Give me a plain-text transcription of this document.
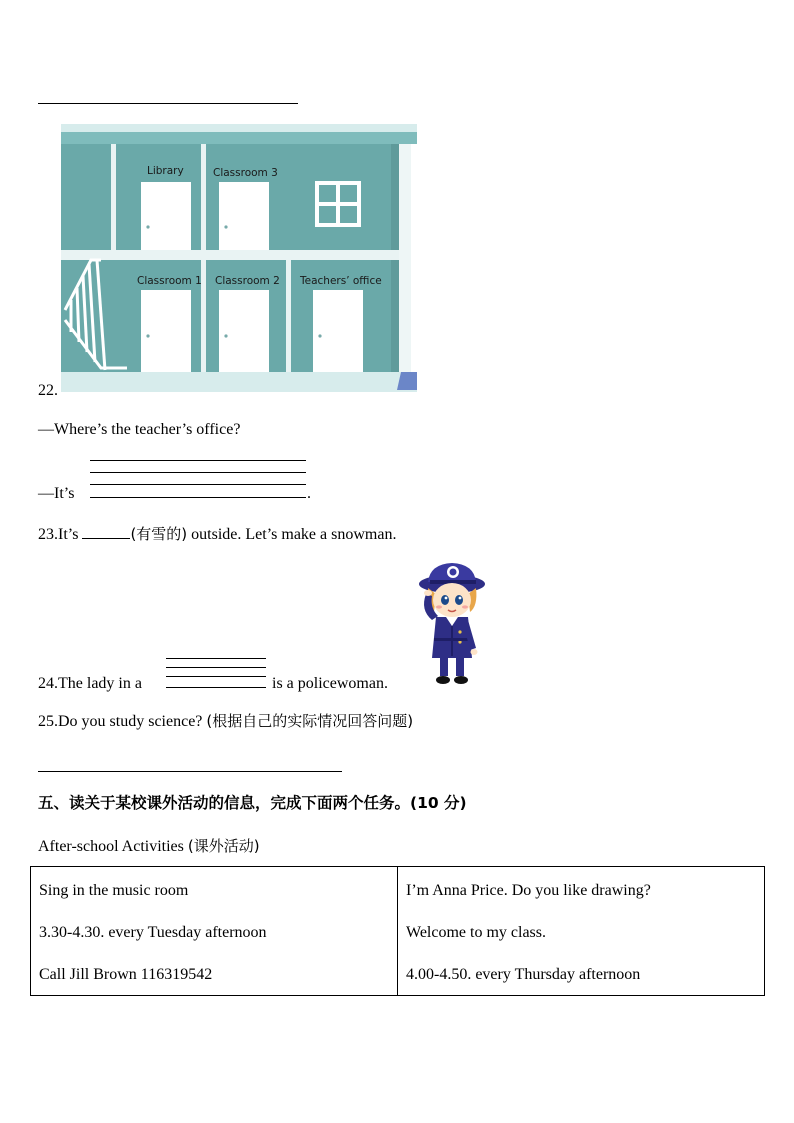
Library	Classroom 3
Classroom 1 Classroom 2 Teachers’ office
22.
—Where’s the teacher’s office?
—It’s	.
23.It’s	(有雪的) outside. Let’s make a snowman.
24.The lady in a	is a policewoman.
25.Do you study science? (根据自己的实际情况回答问题)
五、读关于某校课外活动的信息，完成下面两个任务。(10 分)
After-school Activities (课外活动)
Sing in the music room
3.30-4.30. every Tuesday afternoon
Call Jill Brown 116319542

I’m Anna Price. Do you like drawing?
Welcome to my class.
4.00-4.50. every Thursday afternoon
